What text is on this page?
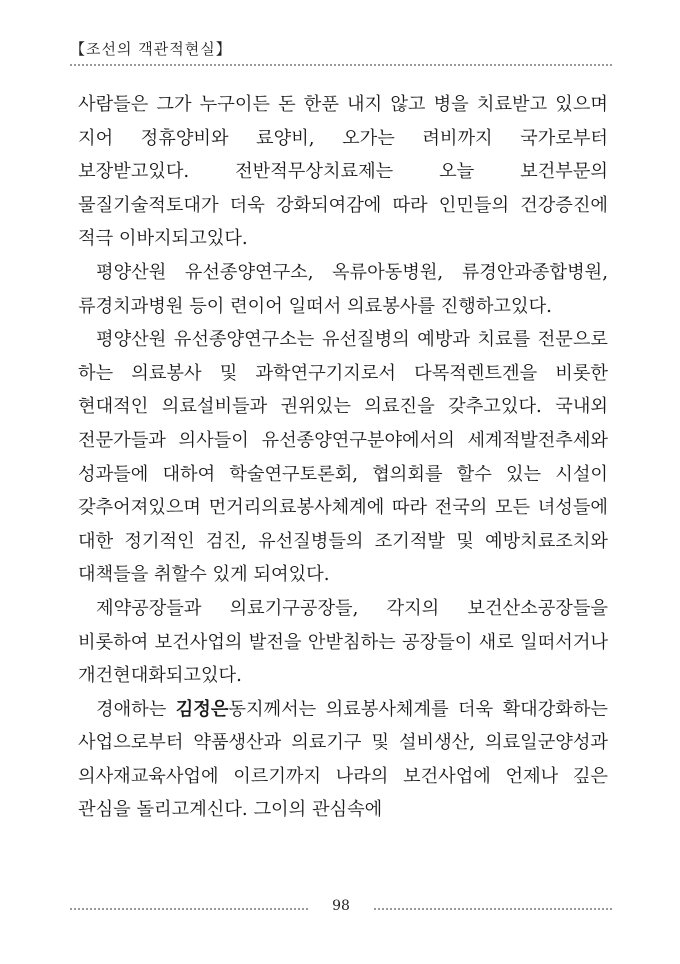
【조선의 객관적현실】

사람들은 그가 누구이든 돈 한푼 내지 않고 병을 치료받고 있으며 지어 정휴양비와 료양비, 오가는 려비까지 국가로부터 보장받고있다. 전반적무상치료제는 오늘 보건부문의 물질기술적토대가 더욱 강화되여감에 따라 인민들의 건강증진에 적극 이바지되고있다.

평양산원 유선종양연구소, 옥류아동병원, 류경안과종합병원, 류경치과병원 등이 련이어 일떠서 의료봉사를 진행하고있다.

평양산원 유선종양연구소는 유선질병의 예방과 치료를 전문으로 하는 의료봉사 및 과학연구기지로서 다목적렌트겐을 비롯한 현대적인 의료설비들과 권위있는 의료진을 갖추고있다. 국내외 전문가들과 의사들이 유선종양연구분야에서의 세계적발전추세와 성과들에 대하여 학술연구토론회, 협의회를 할수 있는 시설이 갖추어져있으며 먼거리의료봉사체계에 따라 전국의 모든 녀성들에 대한 정기적인 검진, 유선질병들의 조기적발 및 예방치료조치와 대책들을 취할수 있게 되여있다.

제약공장들과 의료기구공장들, 각지의 보건산소공장들을 비롯하여 보건사업의 발전을 안받침하는 공장들이 새로 일떠서거나 개건현대화되고있다.

경애하는 김정은동지께서는 의료봉사체계를 더욱 확대강화하는 사업으로부터 약품생산과 의료기구 및 설비생산, 의료일군양성과 의사재교육사업에 이르기까지 나라의 보건사업에 언제나 깊은 관심을 돌리고계신다. 그이의 관심속에

98
